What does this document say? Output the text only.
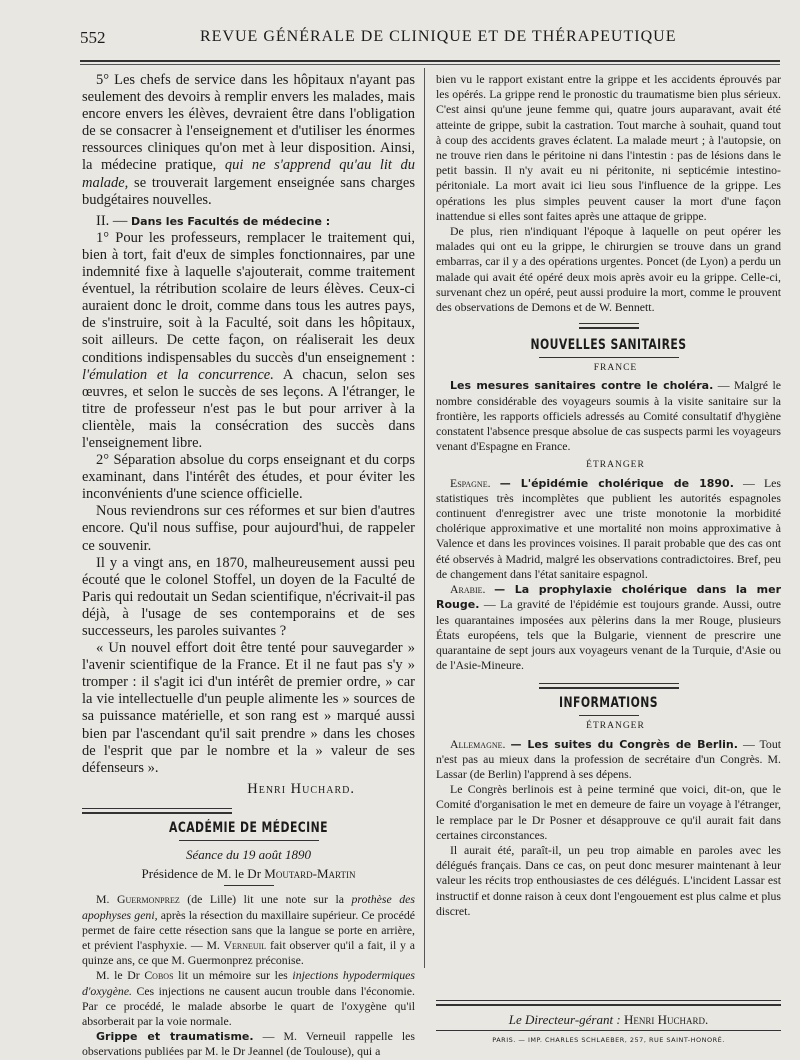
552	REVUE GÉNÉRALE DE CLINIQUE ET DE THÉRAPEUTIQUE

5° Les chefs de service dans les hôpitaux n'ayant pas seulement des devoirs à remplir envers les malades, mais encore envers les élèves, devraient être dans l'obligation de se consacrer à l'enseignement et d'utiliser les énormes ressources cliniques qu'on met à leur disposition. Ainsi, la médecine pratique, qui ne s'apprend qu'au lit du malade, se trouverait largement enseignée sans charges budgétaires nouvelles.

II. — Dans les Facultés de médecine :

1° Pour les professeurs, remplacer le traitement qui, bien à tort, fait d'eux de simples fonctionnaires, par une indemnité fixe à laquelle s'ajouterait, comme traitement éventuel, la rétribution scolaire de leurs élèves. Ceux-ci auraient donc le droit, comme dans tous les autres pays, de s'instruire, soit à la Faculté, soit dans les hôpitaux, soit ailleurs. De cette façon, on réaliserait les deux conditions indispensables du succès d'un enseignement : l'émulation et la concurrence. A chacun, selon ses œuvres, et selon le succès de ses leçons. A l'étranger, le titre de professeur n'est pas le but pour arriver à la clientèle, mais la consécration des succès dans l'enseignement libre.

2° Séparation absolue du corps enseignant et du corps examinant, dans l'intérêt des études, et pour éviter les inconvénients d'une science officielle.

Nous reviendrons sur ces réformes et sur bien d'autres encore. Qu'il nous suffise, pour aujourd'hui, de rappeler ce souvenir.

Il y a vingt ans, en 1870, malheureusement aussi peu écouté que le colonel Stoffel, un doyen de la Faculté de Paris qui redoutait un Sedan scientifique, n'écrivait-il pas déjà, à l'usage de ses contemporains et de ses successeurs, les paroles suivantes ?

« Un nouvel effort doit être tenté pour sauvegarder » l'avenir scientifique de la France. Et il ne faut pas s'y » tromper : il s'agit ici d'un intérêt de premier ordre, » car la vie intellectuelle d'un peuple alimente les » sources de sa puissance matérielle, et son rang est » marqué aussi bien par l'ascendant qu'il sait prendre » dans les choses de l'esprit que par le nombre et la » valeur de ses défenseurs ».

Henri Huchard.

ACADÉMIE DE MÉDECINE

Séance du 19 août 1890

Présidence de M. le Dr Moutard-Martin

M. Guermonprez (de Lille) lit une note sur la prothèse des apophyses geni, après la résection du maxillaire supérieur. Ce procédé permet de faire cette résection sans que la langue se porte en arrière, et prévient l'asphyxie. — M. Verneuil fait observer qu'il a fait, il y a quinze ans, ce que M. Guermonprez préconise.

M. le Dr Cobos lit un mémoire sur les injections hypodermiques d'oxygène. Ces injections ne causent aucun trouble dans l'économie. Par ce procédé, le malade absorbe le quart de l'oxygène qu'il absorberait par la voie normale.

Grippe et traumatisme. — M. Verneuil rappelle les observations publiées par M. le Dr Jeannel (de Toulouse), qui a

bien vu le rapport existant entre la grippe et les accidents éprouvés par les opérés. La grippe rend le pronostic du traumatisme bien plus sérieux. C'est ainsi qu'une jeune femme qui, quatre jours auparavant, avait été atteinte de grippe, subit la castration. Tout marche à souhait, quand tout à coup des accidents graves éclatent. La malade meurt ; à l'autopsie, on ne trouve rien dans le péritoine ni dans l'intestin : pas de lésions dans le petit bassin. Il n'y avait eu ni péritonite, ni septicémie intestino-péritoniale. La mort avait ici lieu sous l'influence de la grippe. Les opérations les plus simples peuvent causer la mort d'une façon inattendue si elles sont faites après une attaque de grippe.

De plus, rien n'indiquant l'époque à laquelle on peut opérer les malades qui ont eu la grippe, le chirurgien se trouve dans un grand embarras, car il y a des opérations urgentes. Poncet (de Lyon) a perdu un malade qui avait été opéré deux mois après avoir eu la grippe. Celle-ci, survenant chez un opéré, peut aussi produire la mort, comme le prouvent des observations de Demons et de W. Bennett.

NOUVELLES SANITAIRES

FRANCE

Les mesures sanitaires contre le choléra. — Malgré le nombre considérable des voyageurs soumis à la visite sanitaire sur la frontière, les rapports officiels adressés au Comité consultatif d'hygiène constatent l'absence presque absolue de cas suspects parmi les voyageurs venant d'Espagne en France.

ÉTRANGER

Espagne. — L'épidémie cholérique de 1890. — Les statistiques très incomplètes que publient les autorités espagnoles continuent d'enregistrer avec une triste monotonie la morbidité cholérique approximative et une mortalité non moins approximative à Valence et dans les provinces voisines. Il parait probable que des cas ont été observés à Madrid, malgré les observations contradictoires. Bref, peu de changement dans l'état sanitaire espagnol.

Arabie. — La prophylaxie cholérique dans la mer Rouge. — La gravité de l'épidémie est toujours grande. Aussi, outre les quarantaines imposées aux pèlerins dans la mer Rouge, plusieurs États européens, tels que la Bulgarie, viennent de prescrire une quarantaine de sept jours aux voyageurs venant de la Turquie, d'Asie ou de l'Asie-Mineure.

INFORMATIONS

ÉTRANGER

Allemagne. — Les suites du Congrès de Berlin. — Tout n'est pas au mieux dans la profession de secrétaire d'un Congrès. M. Lassar (de Berlin) l'apprend à ses dépens.

Le Congrès berlinois est à peine terminé que voici, dit-on, que le Comité d'organisation le met en demeure de faire un voyage à l'étranger, le remplace par le Dr Posner et désapprouve ce qu'il aurait fait dans certaines circonstances.

Il aurait été, paraît-il, un peu trop aimable en paroles avec les délégués français. Dans ce cas, on peut donc mesurer maintenant à leur valeur les récits trop enthousiastes de ces délégués. L'incident Lassar est instructif et donne raison à ceux dont l'engouement est plus calme et plus discret.

Le Directeur-gérant : Henri Huchard.
PARIS. — IMP. CHARLES SCHLAEBER, 257, RUE SAINT-HONORÉ.
